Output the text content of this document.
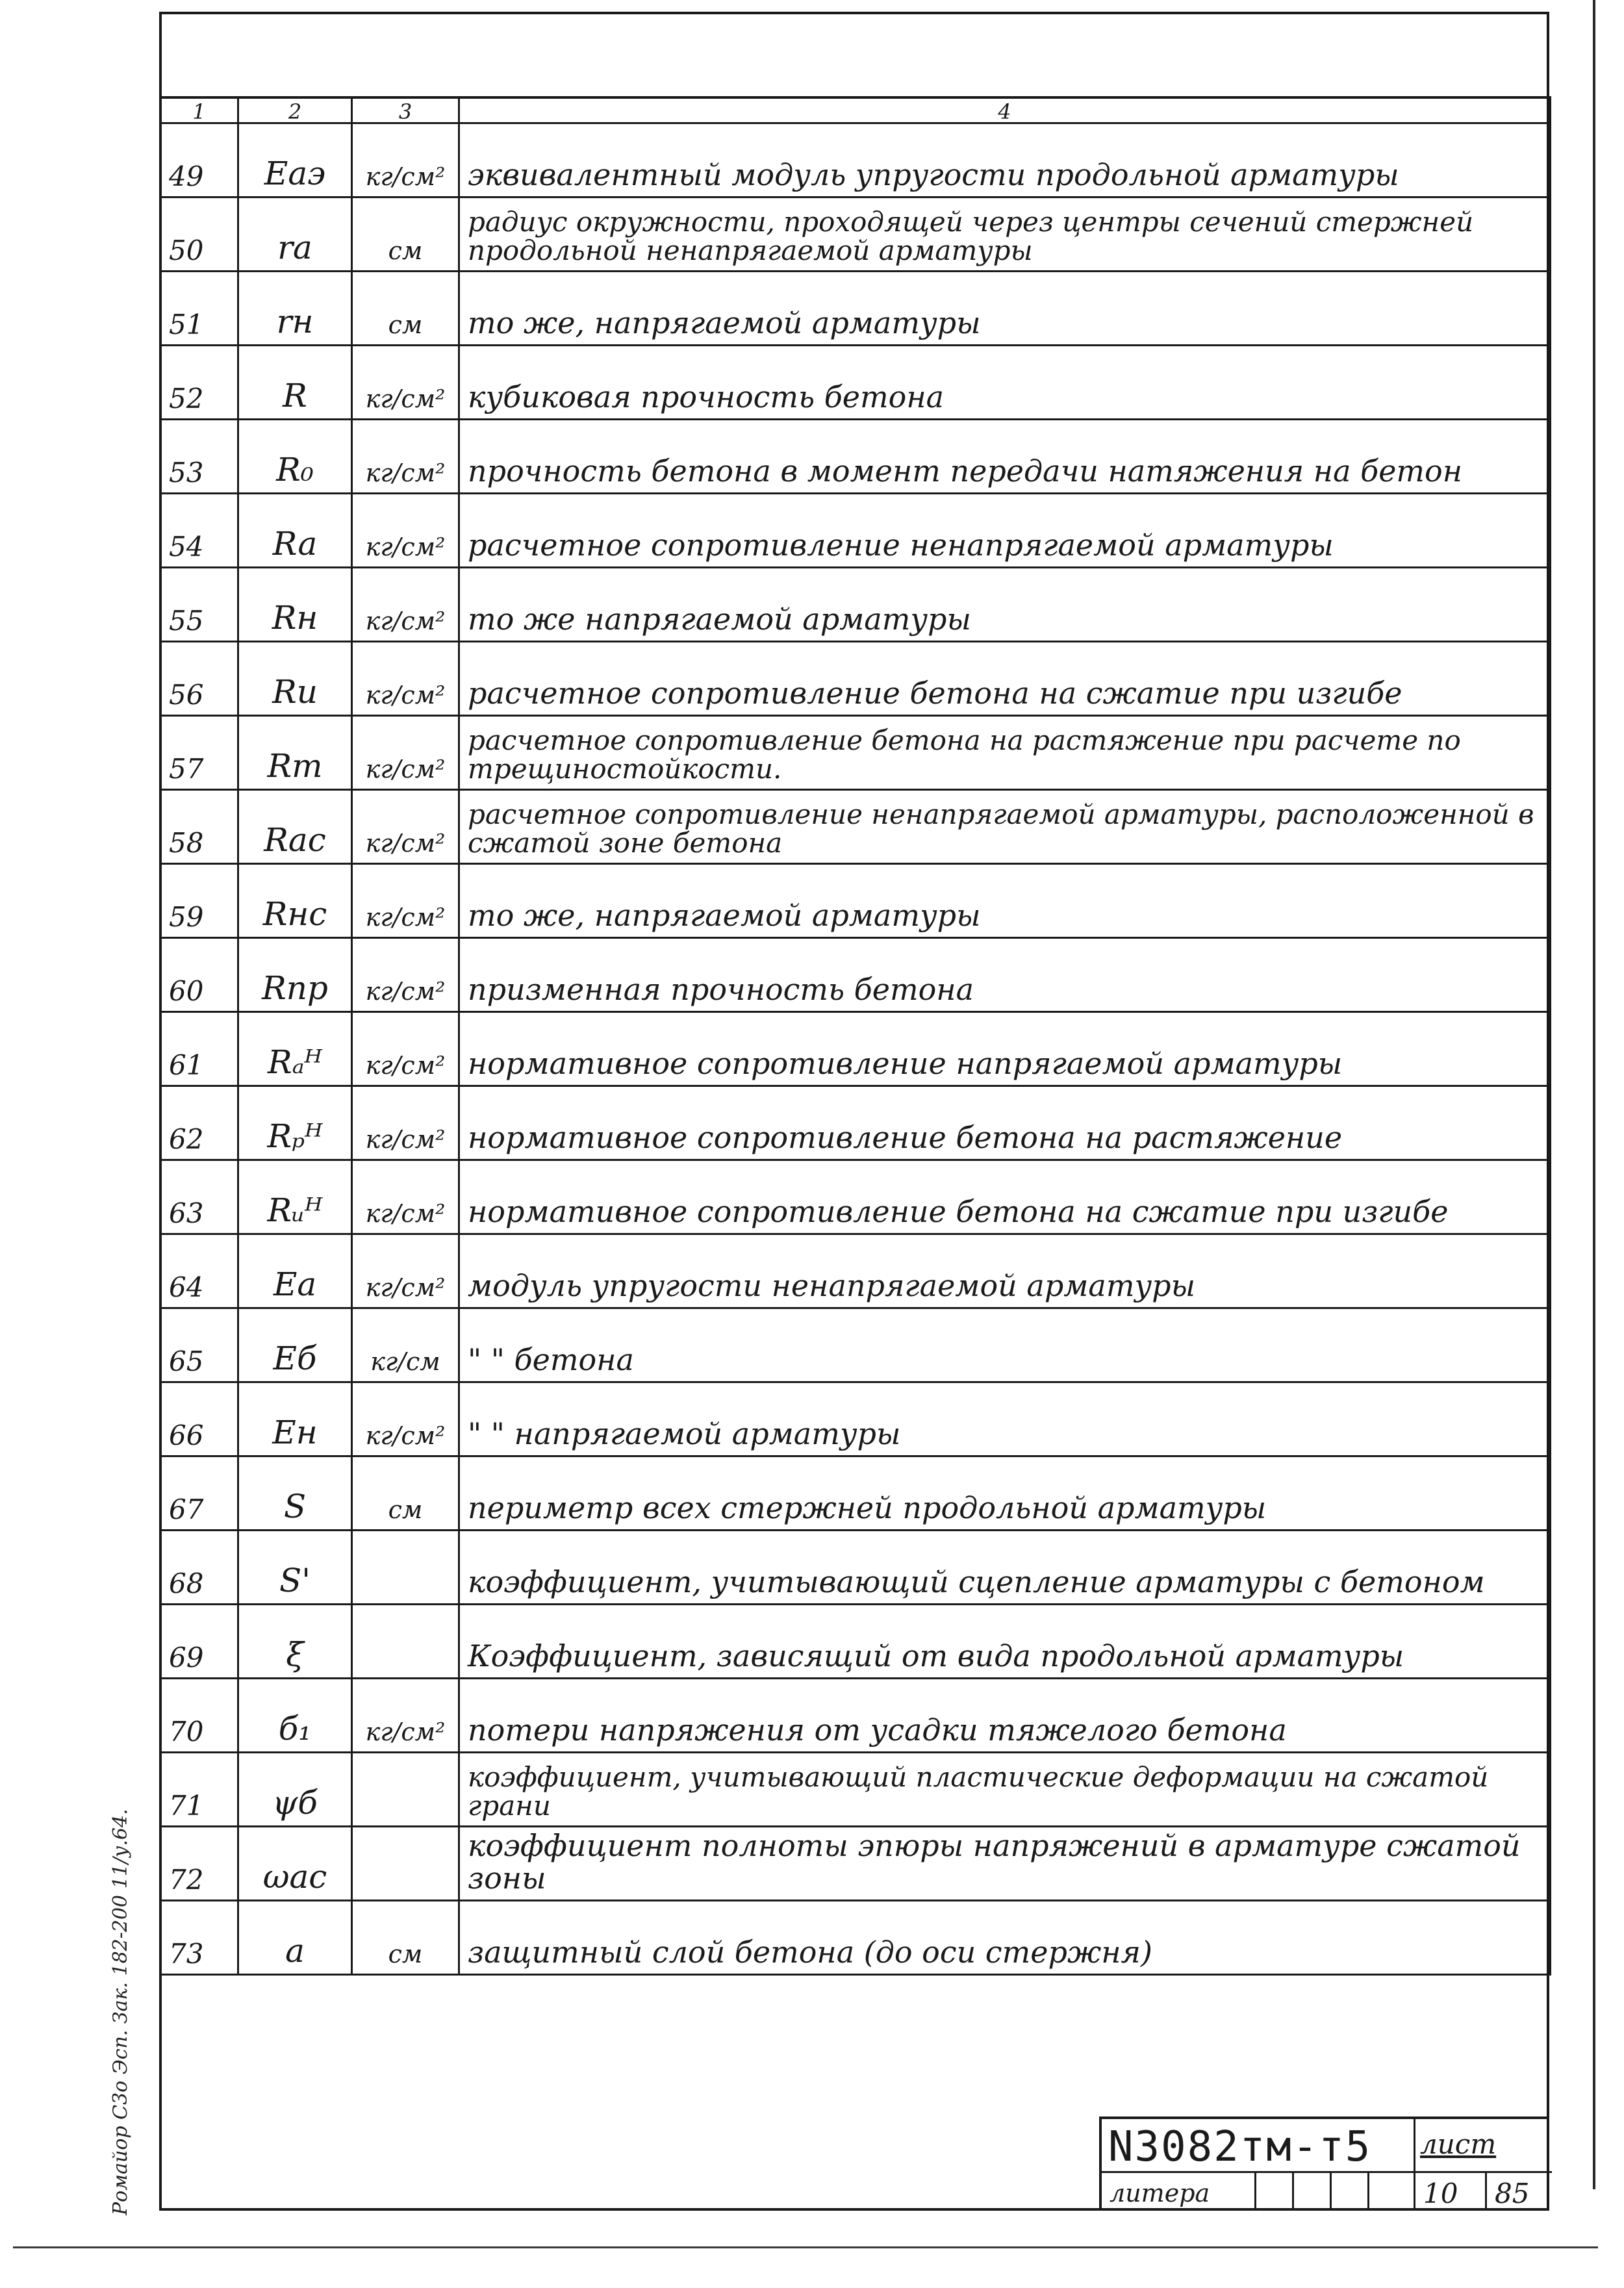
Ромайор С3о Эсп. Зак. 182-200 11/у.64.
1	2	3	4
49	Eаэ	кг/см²	эквивалентный модуль упругости продольной арматуры
50	ra	см	радиус окружности, проходящей через центры сечений стержней продольной ненапрягаемой арматуры
51	rн	см	то же, напрягаемой арматуры
52	R	кг/см²	кубиковая прочность бетона
53	R₀	кг/см²	прочность бетона в момент передачи натяжения на бетон
54	Ra	кг/см²	расчетное сопротивление ненапрягаемой арматуры
55	Rн	кг/см²	то же напрягаемой арматуры
56	Rи	кг/см²	расчетное сопротивление бетона на сжатие при изгибе
57	Rт	кг/см²	расчетное сопротивление бетона на растяжение при расчете по трещиностойкости.
58	Rас	кг/см²	расчетное сопротивление ненапрягаемой арматуры, расположенной в сжатой зоне бетона
59	Rнс	кг/см²	то же, напрягаемой арматуры
60	Rпр	кг/см²	призменная прочность бетона
61	Rₐᴴ	кг/см²	нормативное сопротивление напрягаемой арматуры
62	Rₚᴴ	кг/см²	нормативное сопротивление бетона на растяжение
63	Rᵤᴴ	кг/см²	нормативное сопротивление бетона на сжатие при изгибе
64	Ea	кг/см²	модуль упругости ненапрягаемой арматуры
65	Eб	кг/см	" " бетона
66	Eн	кг/см²	" " напрягаемой арматуры
67	S	см	периметр всех стержней продольной арматуры
68	S'		коэффициент, учитывающий сцепление арматуры с бетоном
69	ξ		Коэффициент, зависящий от вида продольной арматуры
70	б₁	кг/см²	потери напряжения от усадки тяжелого бетона
71	ψб		коэффициент, учитывающий пластические деформации на сжатой грани
72	ωас		коэффициент полноты эпюры напряжений в арматуре сжатой зоны
73	a	см	защитный слой бетона (до оси стержня)
N3082тм-т5 лист
литера	10 85
